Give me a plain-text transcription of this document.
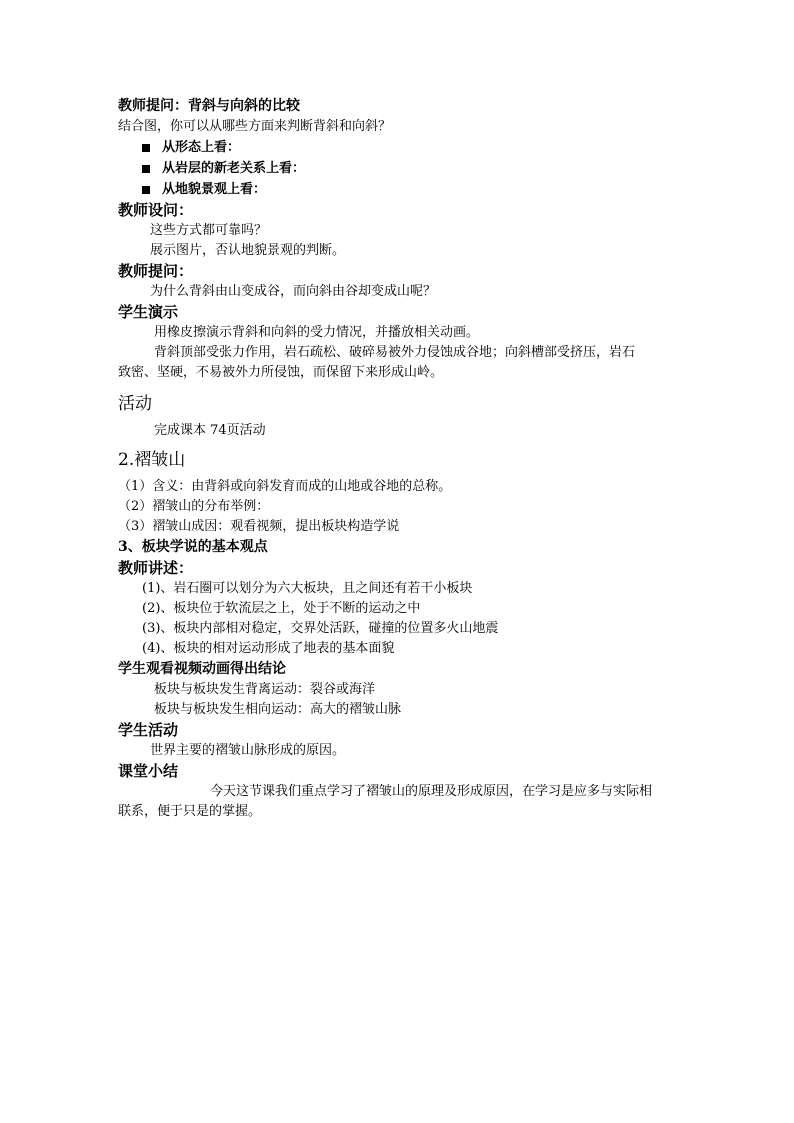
教师提问：背斜与向斜的比较
结合图，你可以从哪些方面来判断背斜和向斜？
从形态上看：
从岩层的新老关系上看：
从地貌景观上看：
教师设问：
这些方式都可靠吗？
展示图片，否认地貌景观的判断。
教师提问：
为什么背斜由山变成谷，而向斜由谷却变成山呢？
学生演示
用橡皮擦演示背斜和向斜的受力情况，并播放相关动画。
背斜顶部受张力作用，岩石疏松、破碎易被外力侵蚀成谷地；向斜槽部受挤压，岩石
致密、坚硬，不易被外力所侵蚀，而保留下来形成山岭。
活动
完成课本 74页活动
2.褶皱山
（1）含义：由背斜或向斜发育而成的山地或谷地的总称。
（2）褶皱山的分布举例：
（3）褶皱山成因：观看视频，提出板块构造学说
3、板块学说的基本观点
教师讲述：
(1)、岩石圈可以划分为六大板块，且之间还有若干小板块
(2)、板块位于软流层之上，处于不断的运动之中
(3)、板块内部相对稳定，交界处活跃，碰撞的位置多火山地震
(4)、板块的相对运动形成了地表的基本面貌
学生观看视频动画得出结论
板块与板块发生背离运动：裂谷或海洋
板块与板块发生相向运动：高大的褶皱山脉
学生活动
世界主要的褶皱山脉形成的原因。
课堂小结
今天这节课我们重点学习了褶皱山的原理及形成原因，在学习是应多与实际相
联系，便于只是的掌握。
